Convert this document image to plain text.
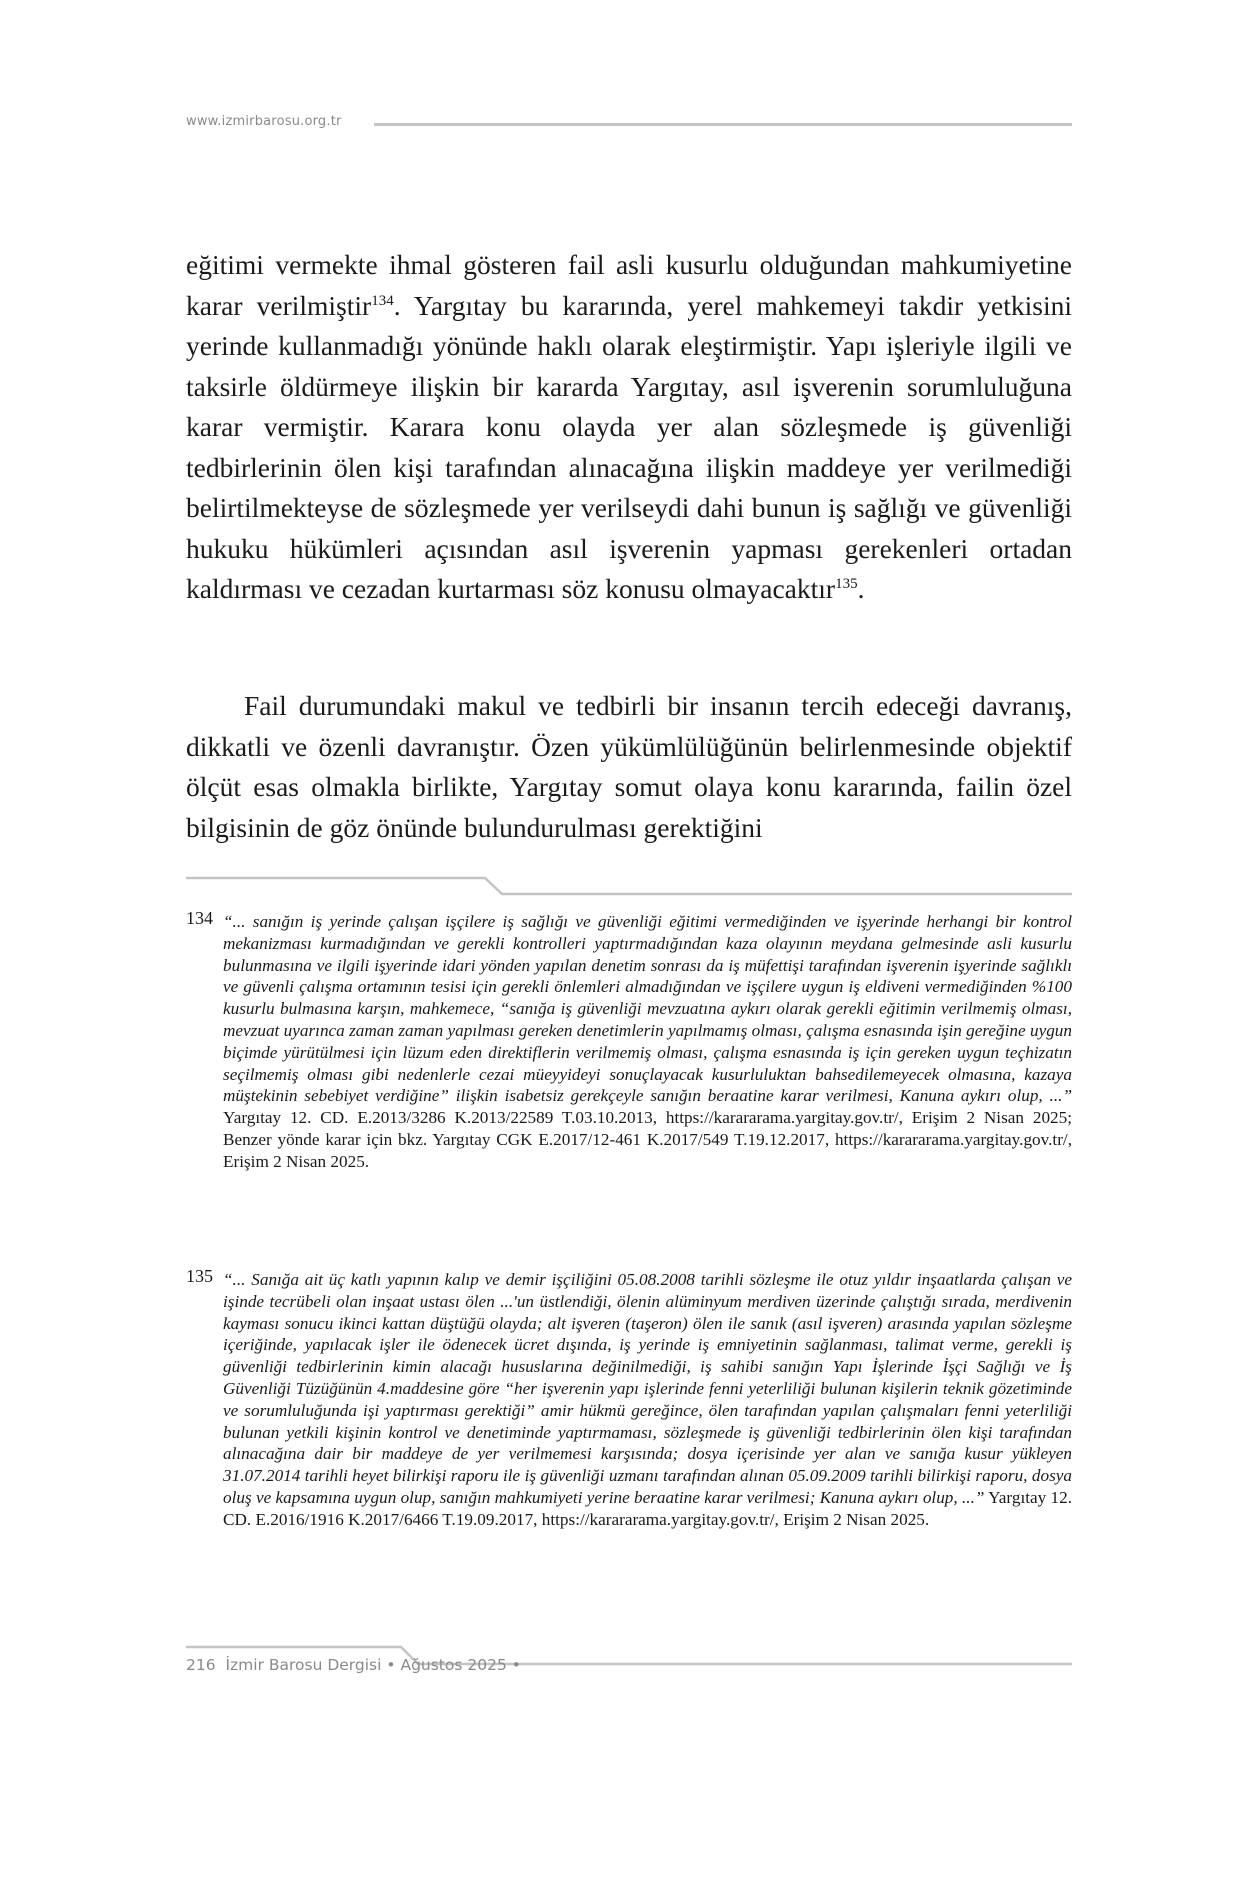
www.izmirbarosu.org.tr
eğitimi vermekte ihmal gösteren fail asli kusurlu olduğundan mahkumiyetine karar verilmiştir$^{134}$. Yargıtay bu kararında, yerel mahkemeyi takdir yetkisini yerinde kullanmadığı yönünde haklı olarak eleştirmiştir. Yapı işleriyle ilgili ve taksirle öldürmeye ilişkin bir kararda Yargıtay, asıl işverenin sorumluluğuna karar vermiştir. Karara konu olayda yer alan sözleşmede iş güvenliği tedbirlerinin ölen kişi tarafından alınacağına ilişkin maddeye yer verilmediği belirtilmekteyse de sözleşmede yer verilseydi dahi bunun iş sağlığı ve güvenliği hukuku hükümleri açısından asıl işverenin yapması gerekenleri ortadan kaldırması ve cezadan kurtarması söz konusu olmayacaktır$^{135}$.
Fail durumundaki makul ve tedbirli bir insanın tercih edeceği davranış, dikkatli ve özenli davranıştır. Özen yükümlülüğünün belirlenmesinde objektif ölçüt esas olmakla birlikte, Yargıtay somut olaya konu kararında, failin özel bilgisinin de göz önünde bulundurulması gerektiğini
134 “... sanığın iş yerinde çalışan işçilere iş sağlığı ve güvenliği eğitimi vermediğinden ve işyerinde herhangi bir kontrol mekanizması kurmadığından ve gerekli kontrolleri yaptırmadığından kaza olayının meydana gelmesinde asli kusurlu bulunmasına ve ilgili işyerinde idari yönden yapılan denetim sonrası da iş müfettişi tarafından işverenin işyerinde sağlıklı ve güvenli çalışma ortamının tesisi için gerekli önlemleri almadığından ve işçilere uygun iş eldiveni vermediğinden %100 kusurlu bulmasına karşın, mahkemece, “sanığa iş güvenliği mevzuatına aykırı olarak gerekli eğitimin verilmemiş olması, mevzuat uyarınca zaman zaman yapılması gereken denetimlerin yapılmamış olması, çalışma esnasında işin gereğine uygun biçimde yürütülmesi için lüzum eden direktiflerin verilmemiş olması, çalışma esnasında iş için gereken uygun teçhizatın seçilmemiş olması gibi nedenlerle cezai müeyyideyi sonuçlayacak kusurluluktan bahsedilemeyecek olmasına, kazaya müştekinin sebebiyet verdiğine” ilişkin isabetsiz gerekçeyle sanığın beraatine karar verilmesi, Kanuna aykırı olup, ...” Yargıtay 12. CD. E.2013/3286 K.2013/22589 T.03.10.2013, https://karararama.yargitay.gov.tr/, Erişim 2 Nisan 2025; Benzer yönde karar için bkz. Yargıtay CGK E.2017/12-461 K.2017/549 T.19.12.2017, https://karararama.yargitay.gov.tr/, Erişim 2 Nisan 2025.
135 “... Sanığa ait üç katlı yapının kalıp ve demir işçiliğini 05.08.2008 tarihli sözleşme ile otuz yıldır inşaatlarda çalışan ve işinde tecrübeli olan inşaat ustası ölen ...'un üstlendiği, ölenin alüminyum merdiven üzerinde çalıştığı sırada, merdivenin kayması sonucu ikinci kattan düştüğü olayda; alt işveren (taşeron) ölen ile sanık (asıl işveren) arasında yapılan sözleşme içeriğinde, yapılacak işler ile ödenecek ücret dışında, iş yerinde iş emniyetinin sağlanması, talimat verme, gerekli iş güvenliği tedbirlerinin kimin alacağı hususlarına değinilmediği, iş sahibi sanığın Yapı İşlerinde İşçi Sağlığı ve İş Güvenliği Tüzüğünün 4.maddesine göre “her işverenin yapı işlerinde fenni yeterliliği bulunan kişilerin teknik gözetiminde ve sorumluluğunda işi yaptırması gerektiği” amir hükmü gereğince, ölen tarafından yapılan çalışmaları fenni yeterliliği bulunan yetkili kişinin kontrol ve denetiminde yaptırmaması, sözleşmede iş güvenliği tedbirlerinin ölen kişi tarafından alınacağına dair bir maddeye de yer verilmemesi karşısında; dosya içerisinde yer alan ve sanığa kusur yükleyen 31.07.2014 tarihli heyet bilirkişi raporu ile iş güvenliği uzmanı tarafından alınan 05.09.2009 tarihli bilirkişi raporu, dosya oluş ve kapsamına uygun olup, sanığın mahkumiyeti yerine beraatine karar verilmesi; Kanuna aykırı olup, ...” Yargıtay 12. CD. E.2016/1916 K.2017/6466 T.19.09.2017, https://karararama.yargitay.gov.tr/, Erişim 2 Nisan 2025.
216 İzmir Barosu Dergisi • Ağustos 2025 •
